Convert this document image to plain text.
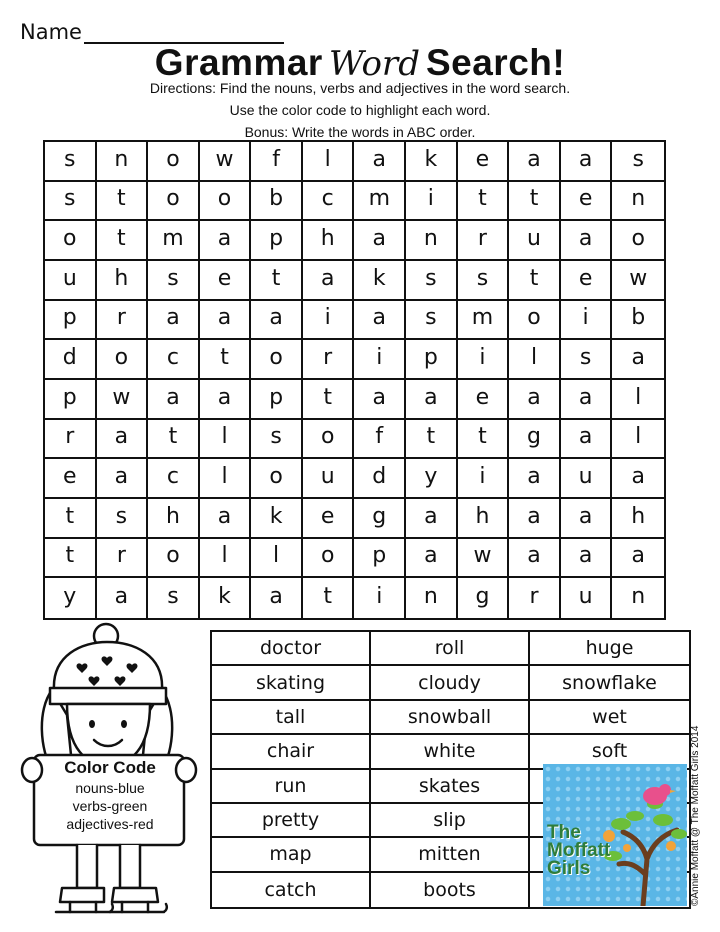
Name
Grammar Word Search!
Directions: Find the nouns, verbs and adjectives in the word search.
Use the color code to highlight each word.
Bonus: Write the words in ABC order.
s	n	o	w	f	l	a	k	e	a	a	s
s	t	o	o	b	c	m	i	t	t	e	n
o	t	m	a	p	h	a	n	r	u	a	o
u	h	s	e	t	a	k	s	s	t	e	w
p	r	a	a	a	i	a	s	m	o	i	b
d	o	c	t	o	r	i	p	i	l	s	a
p	w	a	a	p	t	a	a	e	a	a	l
r	a	t	l	s	o	f	t	t	g	a	l
e	a	c	l	o	u	d	y	i	a	u	a
t	s	h	a	k	e	g	a	h	a	a	h
t	r	o	l	l	o	p	a	w	a	a	a
y	a	s	k	a	t	i	n	g	r	u	n
Color Code
nouns-blue
verbs-green
adjectives-red
doctor	roll	huge
skating	cloudy	snowflake
tall	snowball	wet
chair	white	soft
run	skates
pretty	slip
map	mitten
catch	boots
The
Moffatt
Girls	©Annie Moffatt @ The Moffatt Girls 2014
